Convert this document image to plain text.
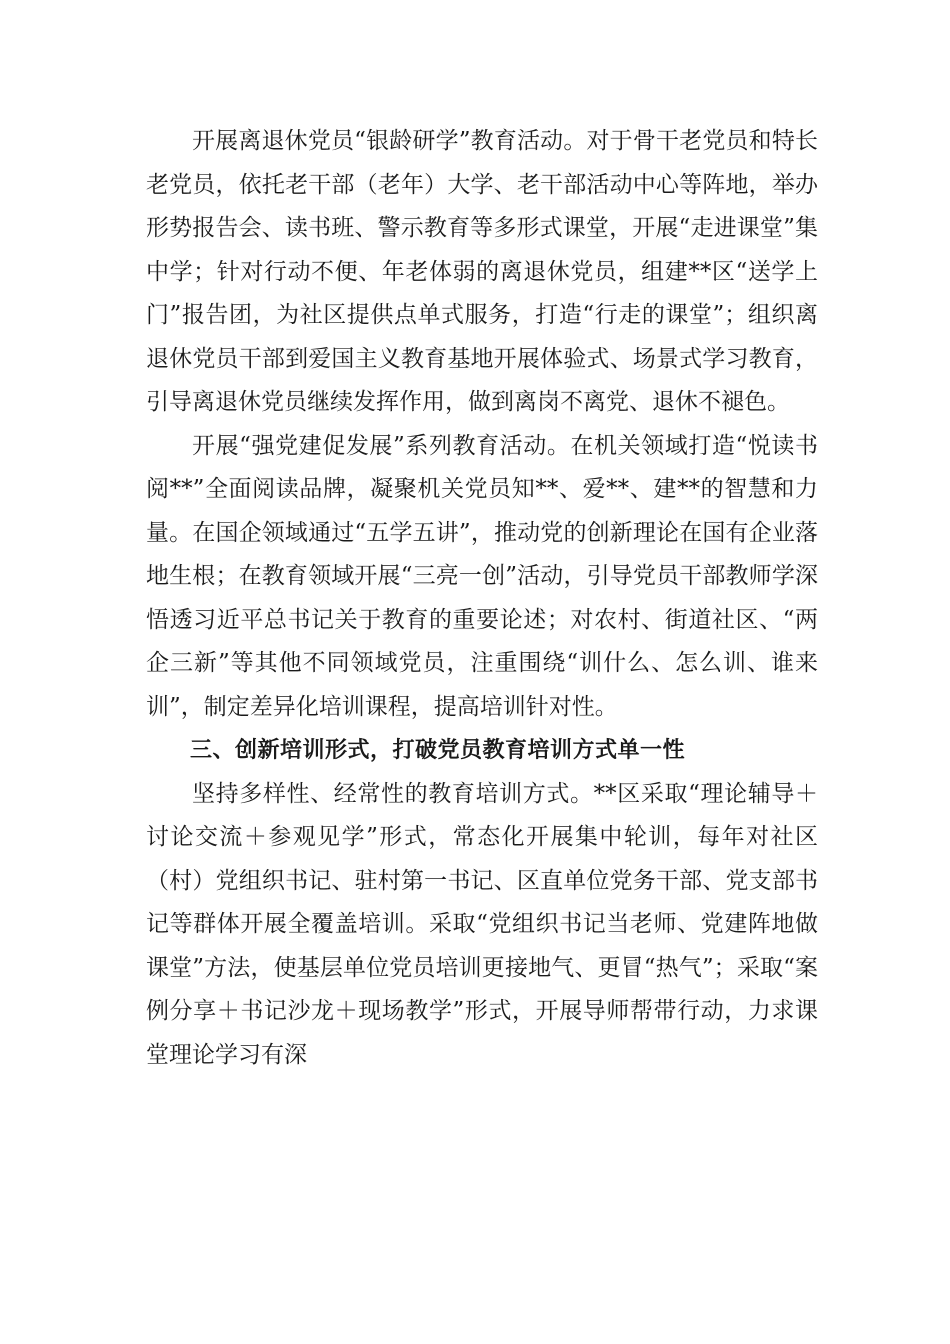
开展离退休党员“银龄研学”教育活动。对于骨干老党员和特长老党员，依托老干部（老年）大学、老干部活动中心等阵地，举办形势报告会、读书班、警示教育等多形式课堂，开展“走进课堂”集中学；针对行动不便、年老体弱的离退休党员，组建**区“送学上门”报告团，为社区提供点单式服务，打造“行走的课堂”；组织离退休党员干部到爱国主义教育基地开展体验式、场景式学习教育，引导离退休党员继续发挥作用，做到离岗不离党、退休不褪色。

开展“强党建促发展”系列教育活动。在机关领域打造“悦读书 阅**”全面阅读品牌，凝聚机关党员知**、爱**、建**的智慧和力量。在国企领域通过“五学五讲”，推动党的创新理论在国有企业落地生根；在教育领域开展“三亮一创”活动，引导党员干部教师学深悟透习近平总书记关于教育的重要论述；对农村、街道社区、“两企三新”等其他不同领域党员，注重围绕“训什么、怎么训、谁来训”，制定差异化培训课程，提高培训针对性。

三、创新培训形式，打破党员教育培训方式单一性

坚持多样性、经常性的教育培训方式。**区采取“理论辅导＋讨论交流＋参观见学”形式，常态化开展集中轮训，每年对社区（村）党组织书记、驻村第一书记、区直单位党务干部、党支部书记等群体开展全覆盖培训。采取“党组织书记当老师、党建阵地做课堂”方法，使基层单位党员培训更接地气、更冒“热气”；采取“案例分享＋书记沙龙＋现场教学”形式，开展导师帮带行动，力求课堂理论学习有深
